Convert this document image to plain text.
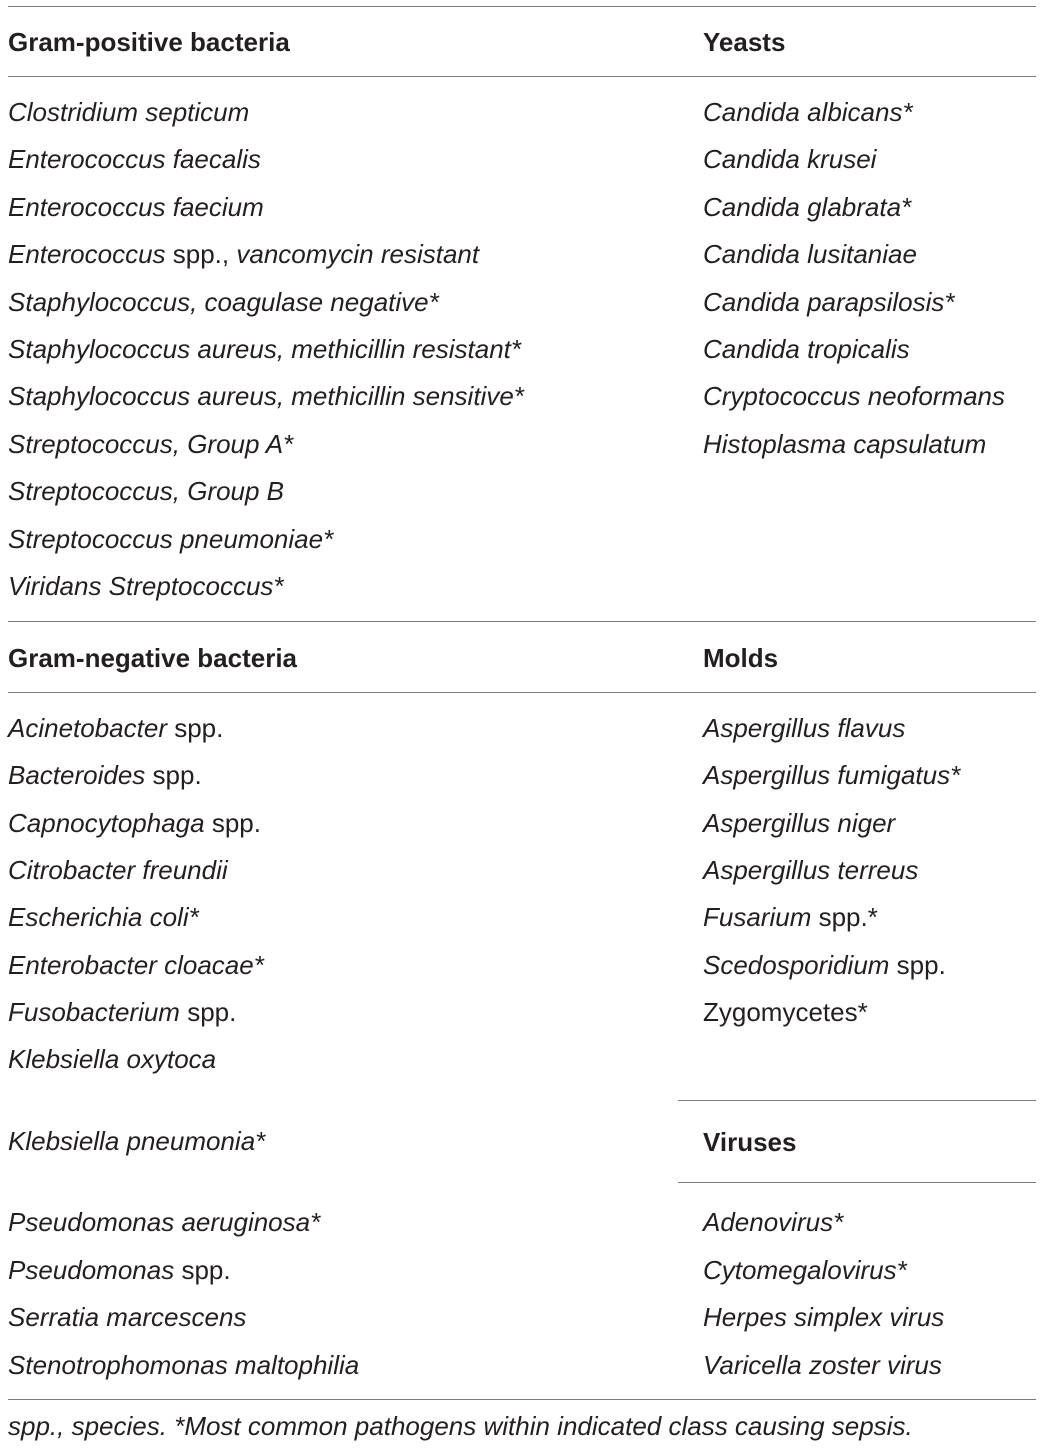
Gram-positive bacteria	Yeasts
Clostridium septicum
Enterococcus faecalis
Enterococcus faecium
Enterococcus spp., vancomycin resistant
Staphylococcus, coagulase negative*
Staphylococcus aureus, methicillin resistant*
Staphylococcus aureus, methicillin sensitive*
Streptococcus, Group A*
Streptococcus, Group B
Streptococcus pneumoniae*
Viridans Streptococcus*
Candida albicans*
Candida krusei
Candida glabrata*
Candida lusitaniae
Candida parapsilosis*
Candida tropicalis
Cryptococcus neoformans
Histoplasma capsulatum
Gram-negative bacteria	Molds
Acinetobacter spp.
Bacteroides spp.
Capnocytophaga spp.
Citrobacter freundii
Escherichia coli*
Enterobacter cloacae*
Fusobacterium spp.
Klebsiella oxytoca
Aspergillus flavus
Aspergillus fumigatus*
Aspergillus niger
Aspergillus terreus
Fusarium spp.*
Scedosporidium spp.
Zygomycetes*
Viruses
Klebsiella pneumonia*
Pseudomonas aeruginosa*
Pseudomonas spp.
Serratia marcescens
Stenotrophomonas maltophilia
Adenovirus*
Cytomegalovirus*
Herpes simplex virus
Varicella zoster virus
spp., species. *Most common pathogens within indicated class causing sepsis.
